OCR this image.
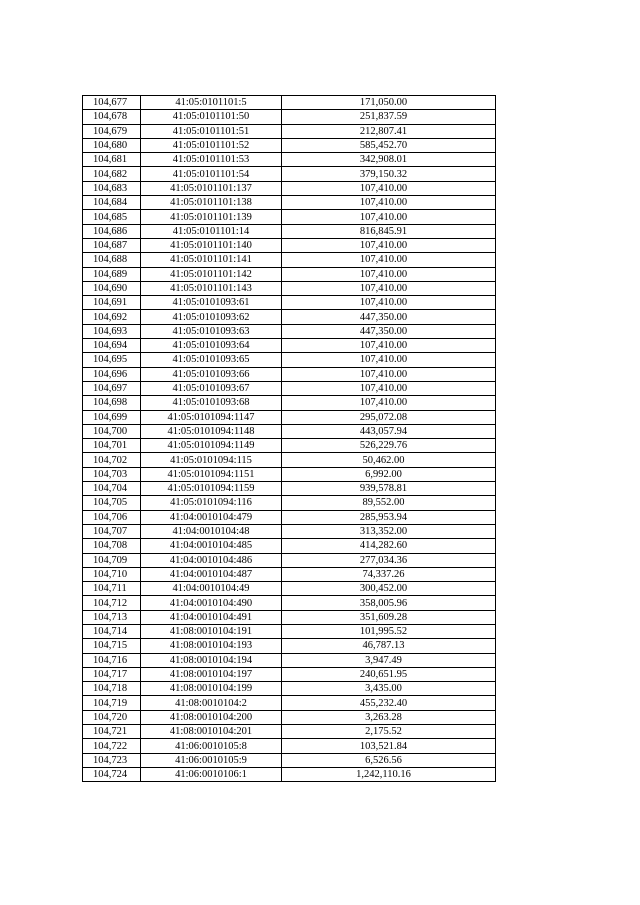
104,677	41:05:0101101:5	171,050.00
104,678	41:05:0101101:50	251,837.59
104,679	41:05:0101101:51	212,807.41
104,680	41:05:0101101:52	585,452.70
104,681	41:05:0101101:53	342,908.01
104,682	41:05:0101101:54	379,150.32
104,683	41:05:0101101:137	107,410.00
104,684	41:05:0101101:138	107,410.00
104,685	41:05:0101101:139	107,410.00
104,686	41:05:0101101:14	816,845.91
104,687	41:05:0101101:140	107,410.00
104,688	41:05:0101101:141	107,410.00
104,689	41:05:0101101:142	107,410.00
104,690	41:05:0101101:143	107,410.00
104,691	41:05:0101093:61	107,410.00
104,692	41:05:0101093:62	447,350.00
104,693	41:05:0101093:63	447,350.00
104,694	41:05:0101093:64	107,410.00
104,695	41:05:0101093:65	107,410.00
104,696	41:05:0101093:66	107,410.00
104,697	41:05:0101093:67	107,410.00
104,698	41:05:0101093:68	107,410.00
104,699	41:05:0101094:1147	295,072.08
104,700	41:05:0101094:1148	443,057.94
104,701	41:05:0101094:1149	526,229.76
104,702	41:05:0101094:115	50,462.00
104,703	41:05:0101094:1151	6,992.00
104,704	41:05:0101094:1159	939,578.81
104,705	41:05:0101094:116	89,552.00
104,706	41:04:0010104:479	285,953.94
104,707	41:04:0010104:48	313,352.00
104,708	41:04:0010104:485	414,282.60
104,709	41:04:0010104:486	277,034.36
104,710	41:04:0010104:487	74,337.26
104,711	41:04:0010104:49	300,452.00
104,712	41:04:0010104:490	358,005.96
104,713	41:04:0010104:491	351,609.28
104,714	41:08:0010104:191	101,995.52
104,715	41:08:0010104:193	46,787.13
104,716	41:08:0010104:194	3,947.49
104,717	41:08:0010104:197	240,651.95
104,718	41:08:0010104:199	3,435.00
104,719	41:08:0010104:2	455,232.40
104,720	41:08:0010104:200	3,263.28
104,721	41:08:0010104:201	2,175.52
104,722	41:06:0010105:8	103,521.84
104,723	41:06:0010105:9	6,526.56
104,724	41:06:0010106:1	1,242,110.16
